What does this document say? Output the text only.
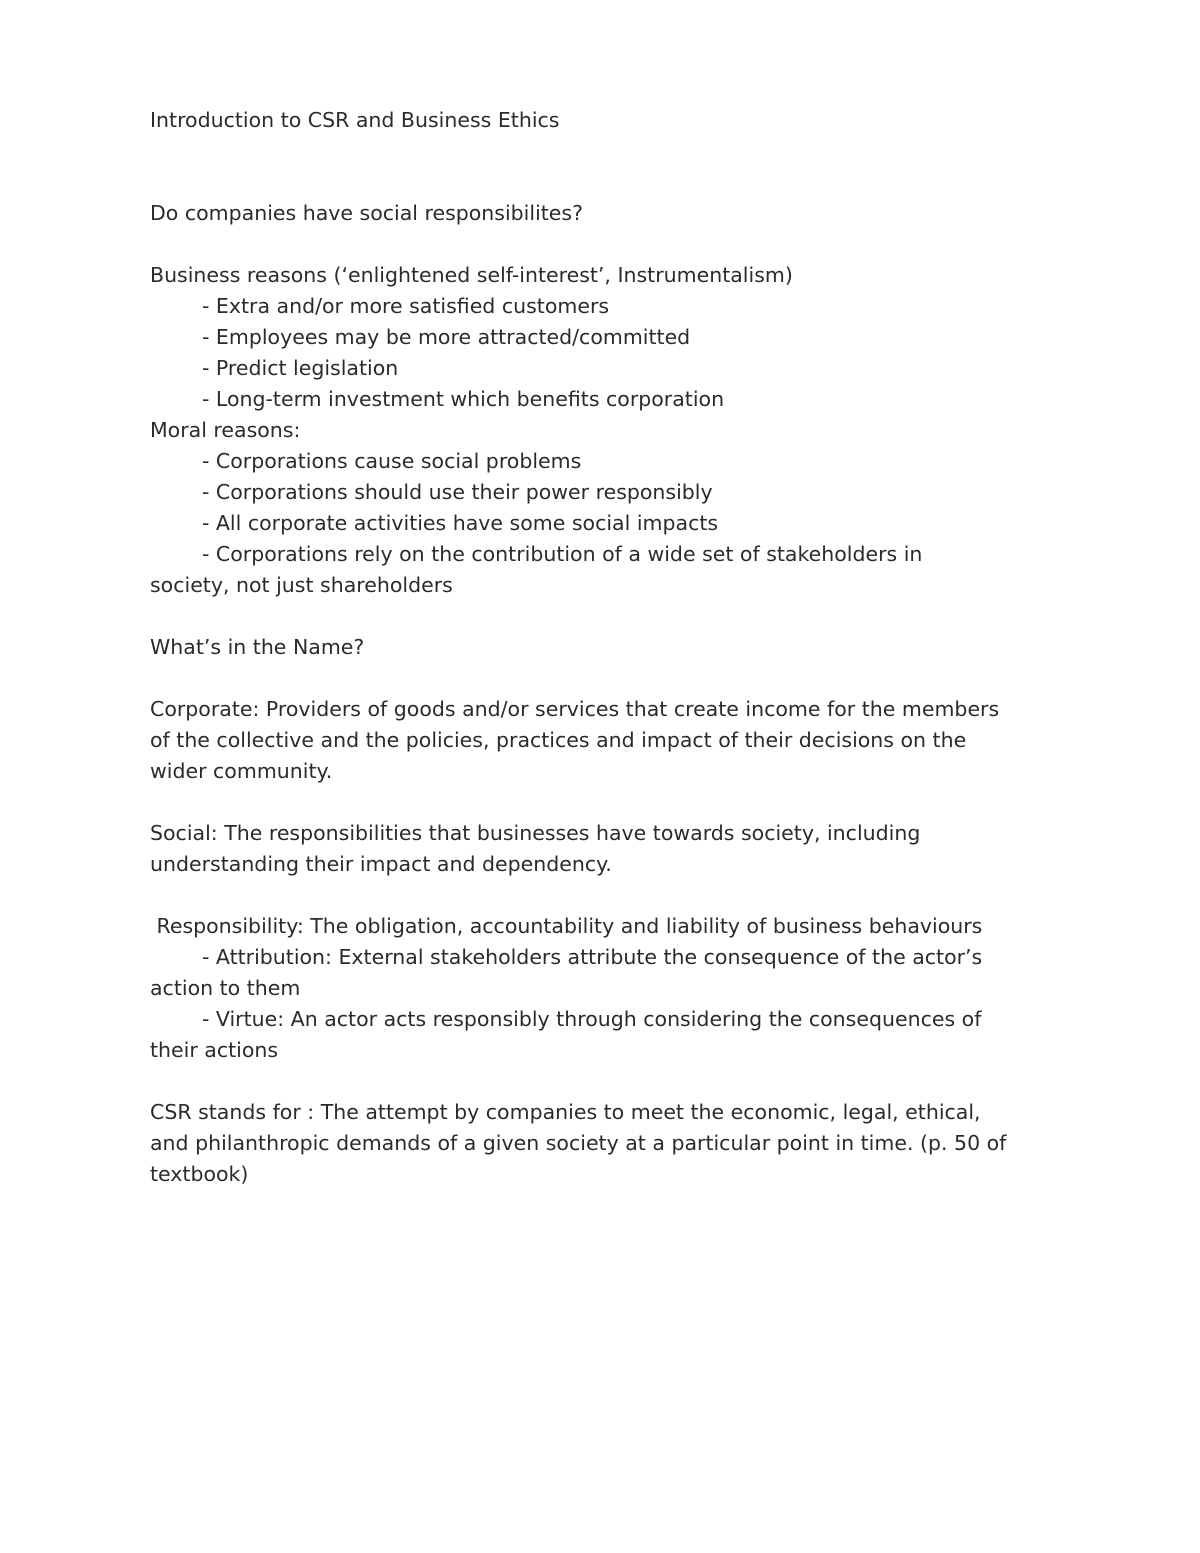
Introduction to CSR and Business Ethics
Do companies have social responsibilites?
Business reasons (‘enlightened self-interest’, Instrumentalism)
- Extra and/or more satisfied customers
- Employees may be more attracted/committed
- Predict legislation
- Long-term investment which benefits corporation
Moral reasons:
- Corporations cause social problems
- Corporations should use their power responsibly
- All corporate activities have some social impacts
- Corporations rely on the contribution of a wide set of stakeholders in
society, not just shareholders
What’s in the Name?
Corporate: Providers of goods and/or services that create income for the members
of the collective and the policies, practices and impact of their decisions on the
wider community.
Social: The responsibilities that businesses have towards society, including
understanding their impact and dependency.
Responsibility: The obligation, accountability and liability of business behaviours
- Attribution: External stakeholders attribute the consequence of the actor’s
action to them
- Virtue: An actor acts responsibly through considering the consequences of
their actions
CSR stands for : The attempt by companies to meet the economic, legal, ethical,
and philanthropic demands of a given society at a particular point in time. (p. 50 of
textbook)
